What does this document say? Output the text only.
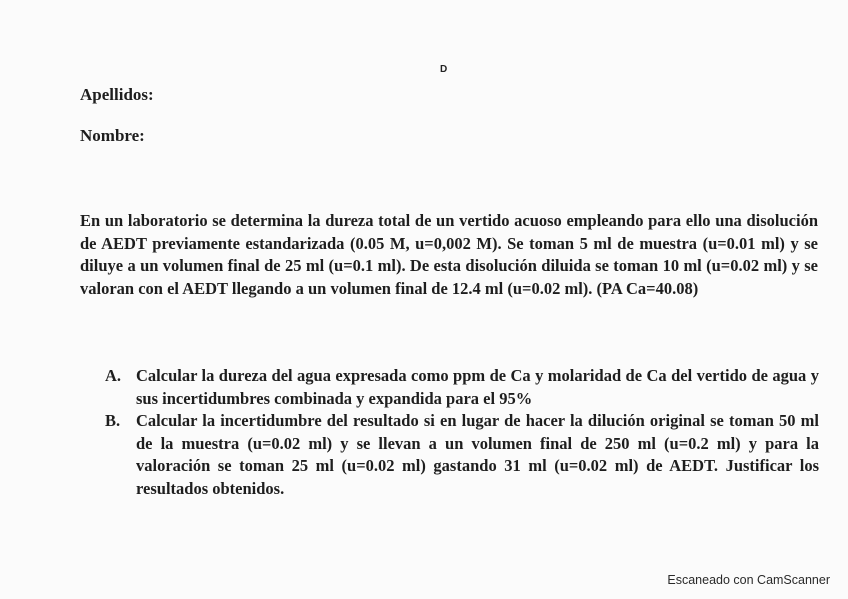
D
Apellidos:
Nombre:

En un laboratorio se determina la dureza total de un vertido acuoso empleando para ello una disolución de AEDT previamente estandarizada (0.05 M, u=0,002 M). Se toman 5 ml de muestra (u=0.01 ml) y se diluye a un volumen final de 25 ml (u=0.1 ml). De esta disolución diluida se toman 10 ml (u=0.02 ml) y se valoran con el AEDT llegando a un volumen final de 12.4 ml (u=0.02 ml). (PA Ca=40.08)

A. Calcular la dureza del agua expresada como ppm de Ca y molaridad de Ca del vertido de agua y sus incertidumbres combinada y expandida para el 95%
B. Calcular la incertidumbre del resultado si en lugar de hacer la dilución original se toman 50 ml de la muestra (u=0.02 ml) y se llevan a un volumen final de 250 ml (u=0.2 ml) y para la valoración se toman 25 ml (u=0.02 ml) gastando 31 ml (u=0.02 ml) de AEDT. Justificar los resultados obtenidos.
Escaneado con CamScanner
